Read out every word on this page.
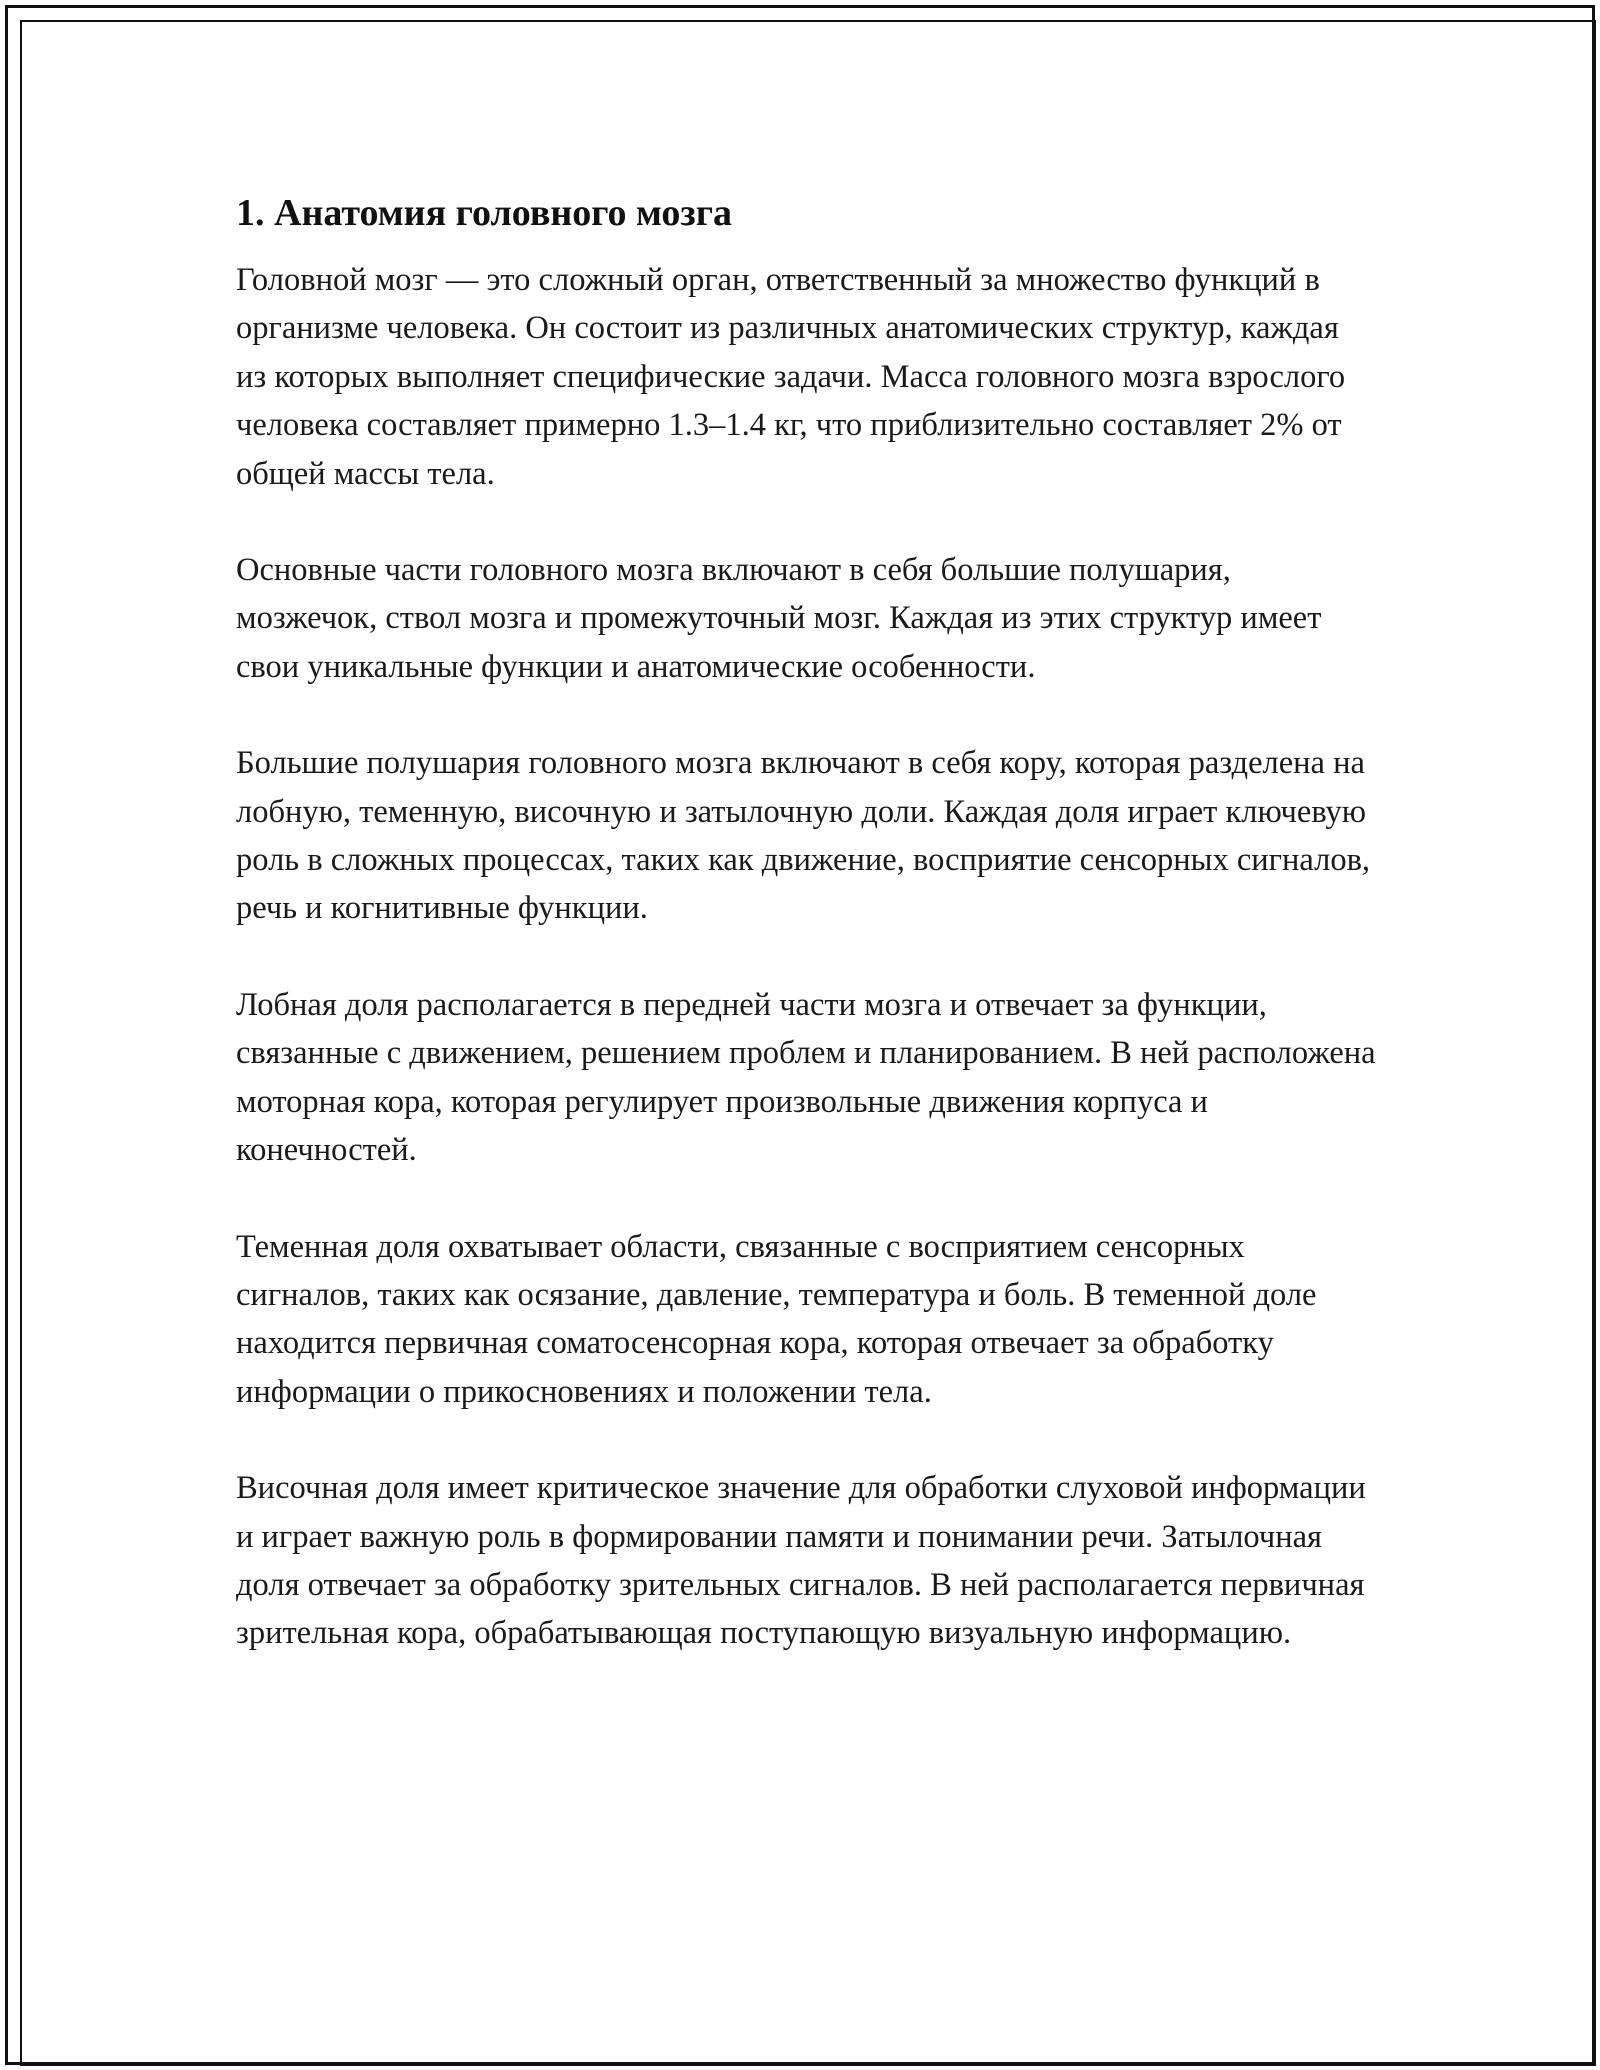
1. Анатомия головного мозга

Головной мозг — это сложный орган, ответственный за множество функций в организме человека. Он состоит из различных анатомических структур, каждая из которых выполняет специфические задачи. Масса головного мозга взрослого человека составляет примерно 1.3–1.4 кг, что приблизительно составляет 2% от общей массы тела.

Основные части головного мозга включают в себя большие полушария, мозжечок, ствол мозга и промежуточный мозг. Каждая из этих структур имеет свои уникальные функции и анатомические особенности.

Большие полушария головного мозга включают в себя кору, которая разделена на лобную, теменную, височную и затылочную доли. Каждая доля играет ключевую роль в сложных процессах, таких как движение, восприятие сенсорных сигналов, речь и когнитивные функции.

Лобная доля располагается в передней части мозга и отвечает за функции, связанные с движением, решением проблем и планированием. В ней расположена моторная кора, которая регулирует произвольные движения корпуса и конечностей.

Теменная доля охватывает области, связанные с восприятием сенсорных сигналов, таких как осязание, давление, температура и боль. В теменной доле находится первичная соматосенсорная кора, которая отвечает за обработку информации о прикосновениях и положении тела.

Височная доля имеет критическое значение для обработки слуховой информации и играет важную роль в формировании памяти и понимании речи. Затылочная доля отвечает за обработку зрительных сигналов. В ней располагается первичная зрительная кора, обрабатывающая поступающую визуальную информацию.
